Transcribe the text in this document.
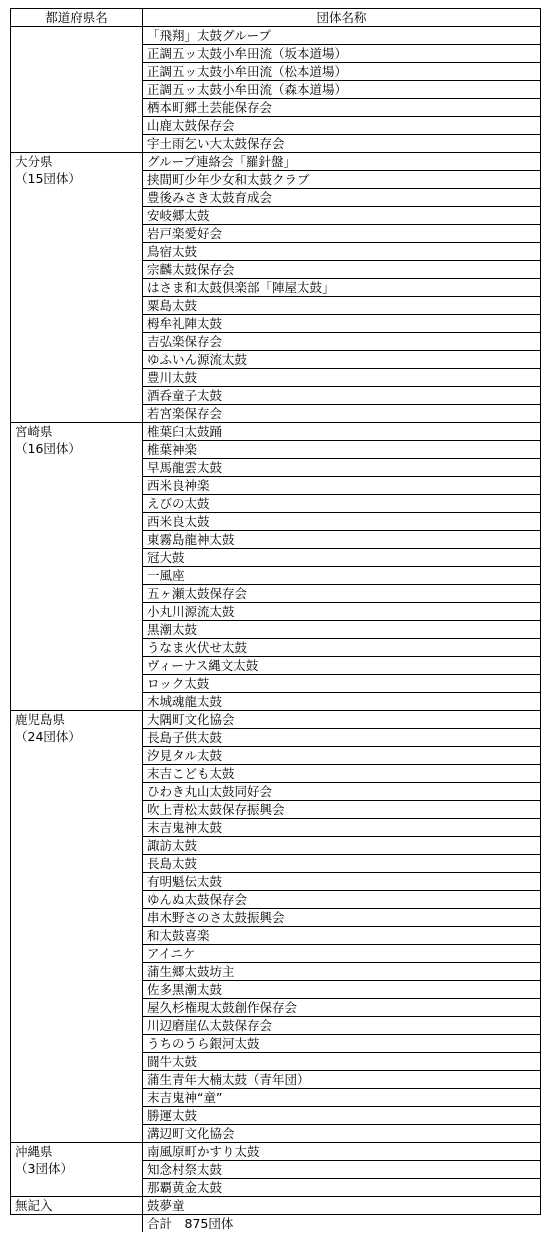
都道府県名	団体名称

	「飛翔」太鼓グループ
	正調五ッ太鼓小牟田流（坂本道場）
	正調五ッ太鼓小牟田流（松本道場）
	正調五ッ太鼓小牟田流（森本道場）
	栖本町郷土芸能保存会
	山鹿太鼓保存会
	宇土雨乞い大太鼓保存会

大分県
（15団体）	グループ連絡会「羅針盤」
	挟間町少年少女和太鼓クラブ
	豊後みさき太鼓育成会
	安岐郷太鼓
	岩戸楽愛好会
	鳥宿太鼓
	宗麟太鼓保存会
	はさま和太鼓倶楽部「陣屋太鼓」
	粟島太鼓
	栂牟礼陣太鼓
	吉弘楽保存会
	ゆふいん源流太鼓
	豊川太鼓
	酒呑童子太鼓
	若宮楽保存会

宮崎県
（16団体）	椎葉臼太鼓踊
	椎葉神楽
	早馬龍雲太鼓
	西米良神楽
	えびの太鼓
	西米良太鼓
	東霧島龍神太鼓
	冠大鼓
	一風座
	五ヶ瀬太鼓保存会
	小丸川源流太鼓
	黒潮太鼓
	うなま火伏せ太鼓
	ヴィーナス縄文太鼓
	ロック太鼓
	木城魂龍太鼓

鹿児島県
（24団体）	大隅町文化協会
	長島子供太鼓
	汐見タル太鼓
	末吉こども太鼓
	ひわき丸山太鼓同好会
	吹上青松太鼓保存振興会
	末吉鬼神太鼓
	諏訪太鼓
	長島太鼓
	有明魁伝太鼓
	ゆんぬ太鼓保存会
	串木野さのさ太鼓振興会
	和太鼓喜楽
	アイニケ
	蒲生郷太鼓坊主
	佐多黒潮太鼓
	屋久杉権現太鼓創作保存会
	川辺磨崖仏太鼓保存会
	うちのうら銀河太鼓
	闘牛太鼓
	蒲生青年大楠太鼓（青年団）
	末吉鬼神“童”
	勝運太鼓
	溝辺町文化協会

沖縄県
（3団体）	南風原町かすり太鼓
	知念村祭太鼓
	那覇黄金太鼓

無記入	鼓夢童
	合計　875団体
